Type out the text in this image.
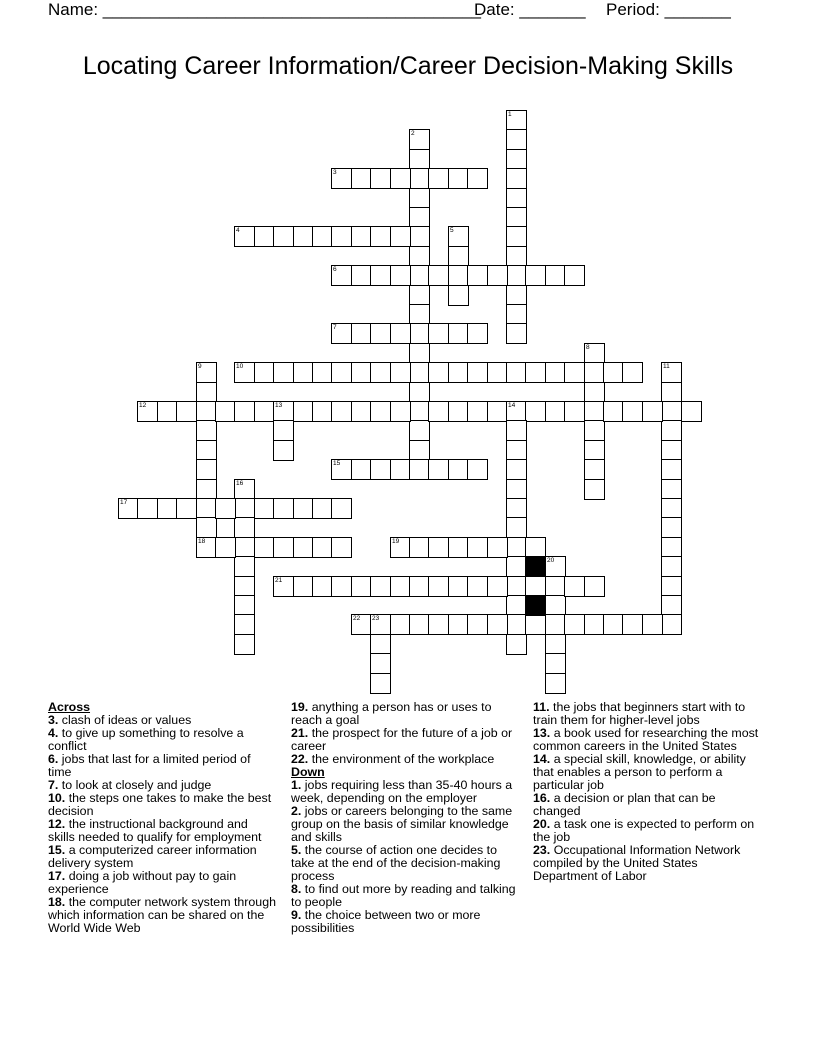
Name: ________________________________________
Date: _______ Period: _______
Locating Career Information/Career Decision-Making Skills
1
2
3
4	5
6
7
8
9
18
10	11
12	13	14
15
16
17
19
20
21
22 23
Across

3. clash of ideas or values

4. to give up something to resolve a conflict

6. jobs that last for a limited period of time

7. to look at closely and judge

10. the steps one takes to make the best decision

12. the instructional background and skills needed to qualify for employment

15. a computerized career information delivery system

17. doing a job without pay to gain experience

18. the computer network system through which information can be shared on the World Wide Web

19. anything a person has or uses to reach a goal

21. the prospect for the future of a job or career

22. the environment of the workplace

Down

1. jobs requiring less than 35-40 hours a week, depending on the employer

2. jobs or careers belonging to the same group on the basis of similar knowledge and skills

5. the course of action one decides to take at the end of the decision-making process

8. to find out more by reading and talking to people

9. the choice between two or more possibilities

11. the jobs that beginners start with to train them for higher-level jobs

13. a book used for researching the most common careers in the United States

14. a special skill, knowledge, or ability that enables a person to perform a particular job

16. a decision or plan that can be changed

20. a task one is expected to perform on the job

23. Occupational Information Network compiled by the United States Department of Labor
